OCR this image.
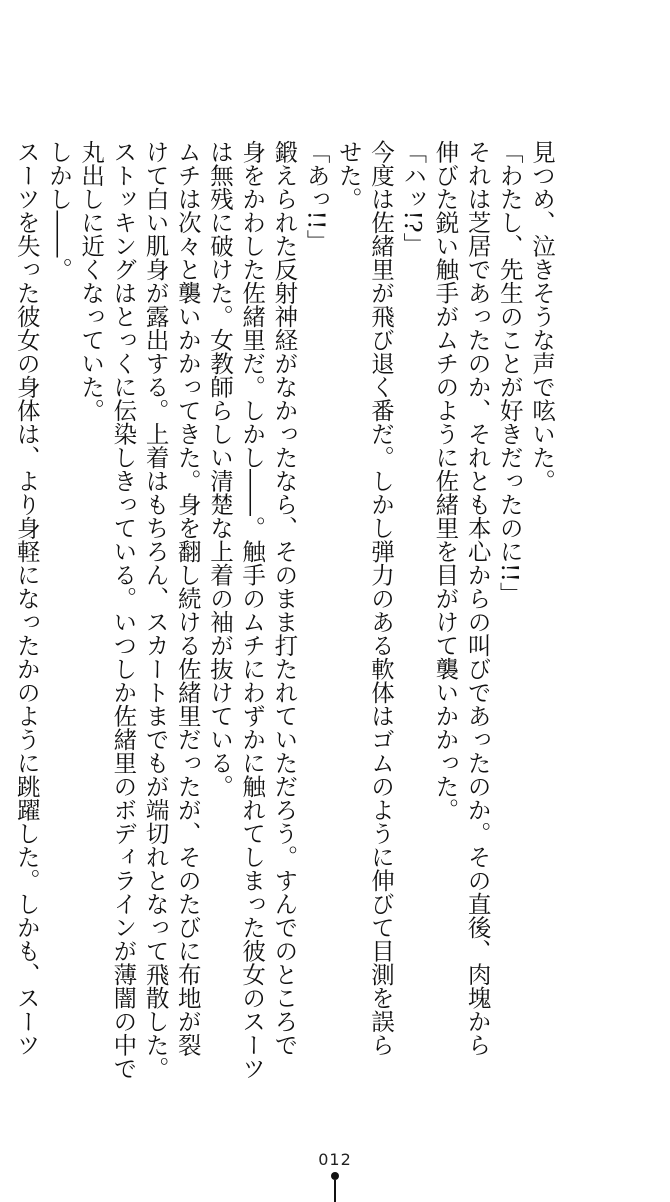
見つめ、泣きそうな声で呟いた。
「わたし、先生のことが好きだったのに!!」
それは芝居であったのか、それとも本心からの叫びであったのか。その直後、肉塊から
伸びた鋭い触手がムチのように佐緒里を目がけて襲いかかった。
「ハッ!?」
今度は佐緒里が飛び退く番だ。しかし弾力のある軟体はゴムのように伸びて目測を誤ら
せた。
「あっ!!」
鍛えられた反射神経がなかったなら、そのまま打たれていただろう。すんでのところで
身をかわした佐緒里だ。しかし――。触手のムチにわずかに触れてしまった彼女のスーツ
は無残に破けた。女教師らしい清楚な上着の袖が抜けている。
ムチは次々と襲いかかってきた。身を翻し続ける佐緒里だったが、そのたびに布地が裂
けて白い肌身が露出する。上着はもちろん、スカートまでもが端切れとなって飛散した。
ストッキングはとっくに伝染しきっている。いつしか佐緒里のボディラインが薄闇の中で
丸出しに近くなっていた。
しかし――。
スーツを失った彼女の身体は、より身軽になったかのように跳躍した。しかも、スーツ
012
